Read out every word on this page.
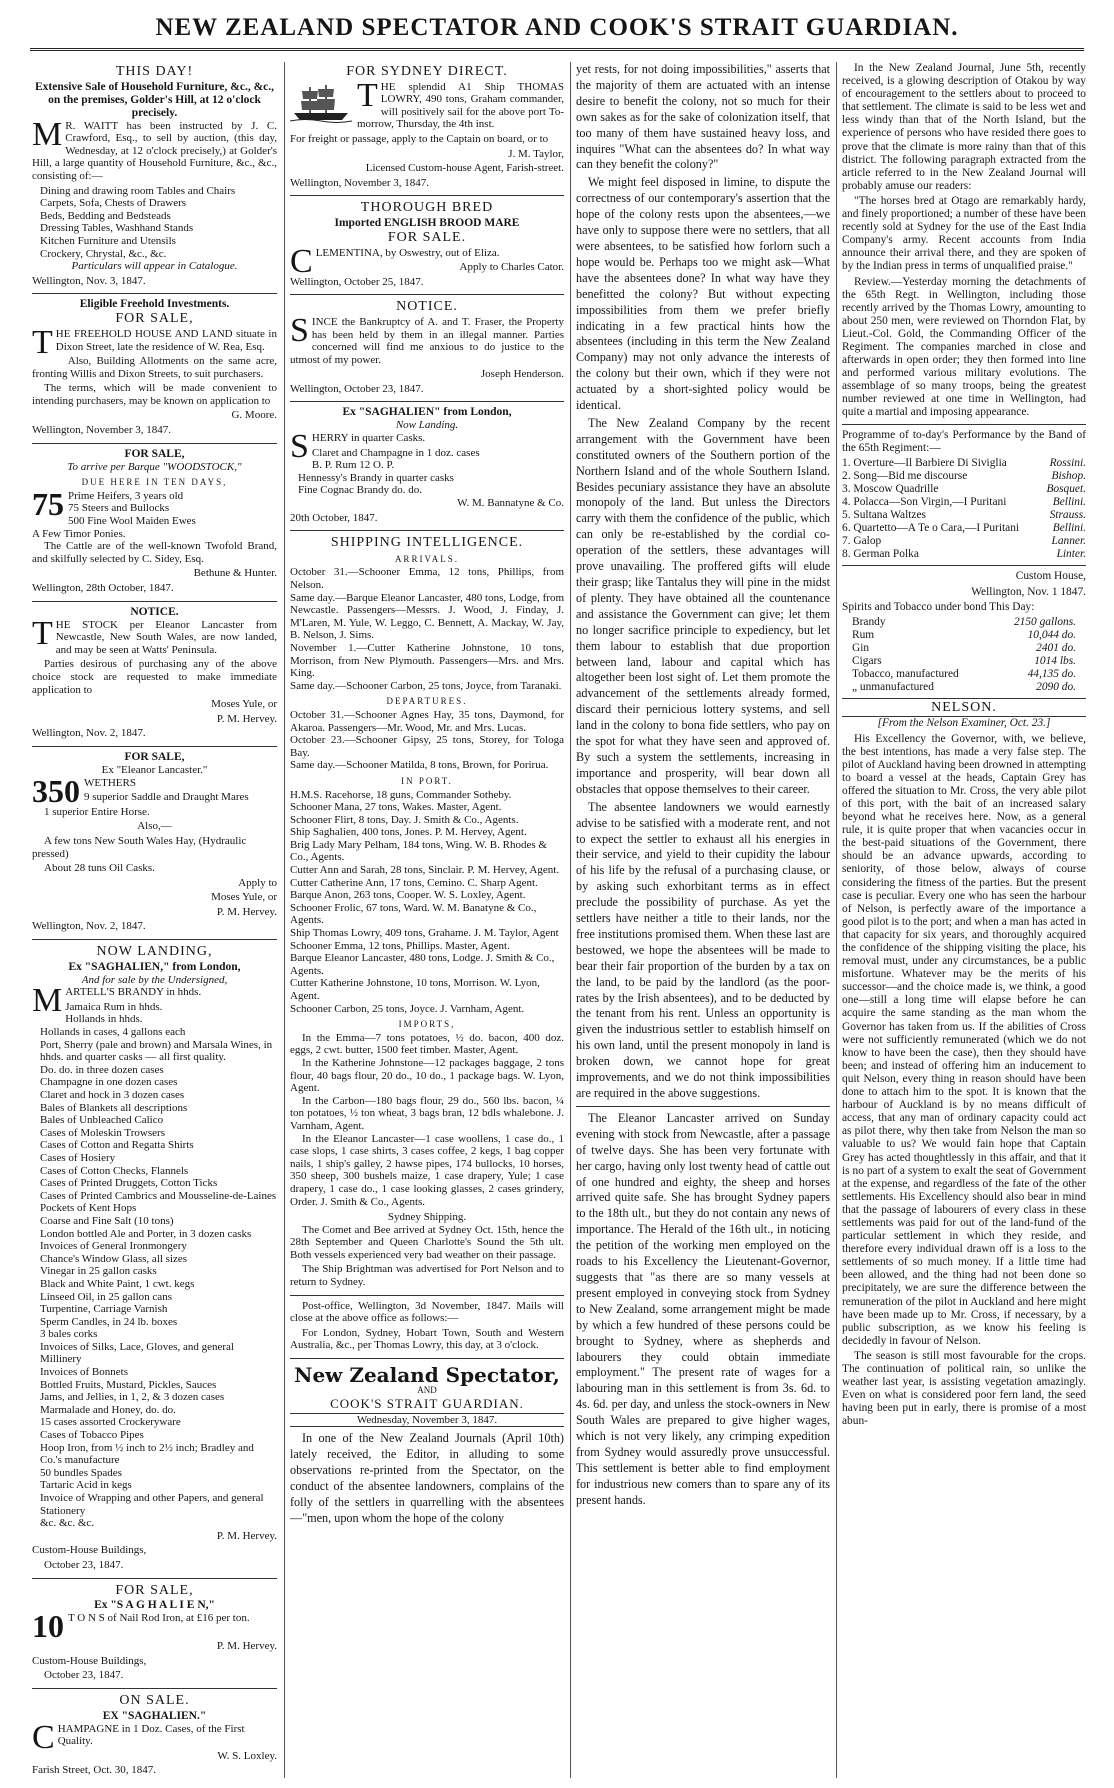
NEW ZEALAND SPECTATOR AND COOK'S STRAIT GUARDIAN.
THIS DAY!
Extensive Sale of Household Furniture, &c., &c., on the premises, Golder's Hill, at 12 o'clock precisely.

M R. WAITT has been instructed by J. C. Crawford, Esq., to sell by auction, (this day, Wednesday, at 12 o'clock precisely,) at Golder's Hill, a large quantity of Household Furniture, &c., &c., consisting of:—

Dining and drawing room Tables and Chairs
Carpets, Sofa, Chests of Drawers
Beds, Bedding and Bedsteads
Dressing Tables, Washhand Stands
Kitchen Furniture and Utensils
Crockery, Chrystal, &c., &c.

Particulars will appear in Catalogue.

Wellington, Nov. 3, 1847.

Eligible Freehold Investments.
FOR SALE,

THE FREEHOLD HOUSE AND LAND situate in Dixon Street, late the residence of W. Rea, Esq.

Also, Building Allotments on the same acre, fronting Willis and Dixon Streets, to suit purchasers.

The terms, which will be made convenient to intending purchasers, may be known on application to

G. Moore.

Wellington, November 3, 1847.

FOR SALE,
To arrive per Barque "WOODSTOCK,"
DUE HERE IN TEN DAYS,
75 Prime Heifers, 3 years old
75 Steers and Bullocks
500 Fine Wool Maiden Ewes
A Few Timor Ponies.

The Cattle are of the well-known Twofold Brand, and skilfully selected by C. Sidey, Esq.

Bethune & Hunter.

Wellington, 28th October, 1847.

NOTICE.

THE STOCK per Eleanor Lancaster from Newcastle, New South Wales, are now landed, and may be seen at Watts' Peninsula.

Parties desirous of purchasing any of the above choice stock are requested to make immediate application to

Moses Yule, or

P. M. Hervey.

Wellington, Nov. 2, 1847.

FOR SALE,
Ex "Eleanor Lancaster."
350 WETHERS

9 superior Saddle and Draught Mares

1 superior Entire Horse.

Also,—

A few tons New South Wales Hay, (Hydraulic pressed)

About 28 tuns Oil Casks.

Apply to

Moses Yule, or

P. M. Hervey.

Wellington, Nov. 2, 1847.

NOW LANDING,
Ex "SAGHALIEN," from London,
And for sale by the Undersigned,

MARTELL'S BRANDY in hhds.

Jamaica Rum in hhds.
Hollands in hhds.
Hollands in cases, 4 gallons each
Port, Sherry (pale and brown) and Marsala Wines, in hhds. and quarter casks — all first quality.
Do. do. in three dozen cases
Champagne in one dozen cases
Claret and hock in 3 dozen cases
Bales of Blankets all descriptions
Bales of Unbleached Calico
Cases of Moleskin Trowsers
Cases of Cotton and Regatta Shirts
Cases of Hosiery
Cases of Cotton Checks, Flannels
Cases of Printed Druggets, Cotton Ticks
Cases of Printed Cambrics and Mousseline-de-Laines
Pockets of Kent Hops
Coarse and Fine Salt (10 tons)
London bottled Ale and Porter, in 3 dozen casks
Invoices of General Ironmongery
Chance's Window Glass, all sizes
Vinegar in 25 gallon casks
Black and White Paint, 1 cwt. kegs
Linseed Oil, in 25 gallon cans
Turpentine, Carriage Varnish
Sperm Candles, in 24 lb. boxes
3 bales corks
Invoices of Silks, Lace, Gloves, and general Millinery
Invoices of Bonnets
Bottled Fruits, Mustard, Pickles, Sauces
Jams, and Jellies, in 1, 2, & 3 dozen cases
Marmalade and Honey, do. do.
15 cases assorted Crockeryware
Cases of Tobacco Pipes
Hoop Iron, from ½ inch to 2½ inch; Bradley and Co.'s manufacture
50 bundles Spades
Tartaric Acid in kegs
Invoice of Wrapping and other Papers, and general Stationery
&c. &c. &c.

P. M. Hervey.

Custom-House Buildings,

October 23, 1847.

FOR SALE,
Ex "S A G H A L I E N,"
10 T O N S of Nail Rod Iron, at £16 per ton.

P. M. Hervey.

Custom-House Buildings,

October 23, 1847.

ON SALE.
EX "SAGHALIEN."

CHAMPAGNE in 1 Doz. Cases, of the First Quality.

W. S. Loxley.

Farish Street, Oct. 30, 1847.

FOR SYDNEY DIRECT.

THE splendid A1 Ship THOMAS LOWRY, 490 tons, Graham commander, will positively sail for the above port To-morrow, Thursday, the 4th inst.

For freight or passage, apply to the Captain on board, or to

J. M. Taylor,

Licensed Custom-house Agent, Farish-street.

Wellington, November 3, 1847.

THOROUGH BRED
Imported ENGLISH BROOD MARE
FOR SALE.

CLEMENTINA, by Oswestry, out of Eliza.

Apply to Charles Cator.

Wellington, October 25, 1847.

NOTICE.

SINCE the Bankruptcy of A. and T. Fraser, the Property has been held by them in an illegal manner. Parties concerned will find me anxious to do justice to the utmost of my power.

Joseph Henderson.

Wellington, October 23, 1847.

Ex "SAGHALIEN" from London,
Now Landing.

SHERRY in quarter Casks.

Claret and Champagne in 1 doz. cases
B. P. Rum 12 O. P.
Hennessy's Brandy in quarter casks
Fine Cognac Brandy do. do.

W. M. Bannatyne & Co.

20th October, 1847.

SHIPPING INTELLIGENCE.
ARRIVALS.
October 31.—Schooner Emma, 12 tons, Phillips, from Nelson.
Same day.—Barque Eleanor Lancaster, 480 tons, Lodge, from Newcastle. Passengers—Messrs. J. Wood, J. Finday, J. M'Laren, M. Yule, W. Leggo, C. Bennett, A. Mackay, W. Jay, B. Nelson, J. Sims.
November 1.—Cutter Katherine Johnstone, 10 tons, Morrison, from New Plymouth. Passengers—Mrs. and Mrs. King.
Same day.—Schooner Carbon, 25 tons, Joyce, from Taranaki.
DEPARTURES.
October 31.—Schooner Agnes Hay, 35 tons, Daymond, for Akaroa. Passengers—Mr. Wood, Mr. and Mrs. Lucas.
October 23.—Schooner Gipsy, 25 tons, Storey, for Tologa Bay.
Same day.—Schooner Matilda, 8 tons, Brown, for Porirua.
IN PORT.
H.M.S. Racehorse, 18 guns, Commander Sotheby.
Schooner Mana, 27 tons, Wakes. Master, Agent.
Schooner Flirt, 8 tons, Day. J. Smith & Co., Agents.
Ship Saghalien, 400 tons, Jones. P. M. Hervey, Agent.
Brig Lady Mary Pelham, 184 tons, Wing. W. B. Rhodes & Co., Agents.
Cutter Ann and Sarah, 28 tons, Sinclair. P. M. Hervey, Agent.
Cutter Catherine Ann, 17 tons, Cemino. C. Sharp Agent.
Barque Anon, 263 tons, Cooper. W. S. Loxley, Agent.
Schooner Frolic, 67 tons, Ward. W. M. Banatyne & Co., Agents.
Ship Thomas Lowry, 409 tons, Grahame. J. M. Taylor, Agent
Schooner Emma, 12 tons, Phillips. Master, Agent.
Barque Eleanor Lancaster, 480 tons, Lodge. J. Smith & Co., Agents.
Cutter Katherine Johnstone, 10 tons, Morrison. W. Lyon, Agent.
Schooner Carbon, 25 tons, Joyce. J. Varnham, Agent.
IMPORTS,
In the Emma—7 tons potatoes, ½ do. bacon, 400 doz. eggs, 2 cwt. butter, 1500 feet timber. Master, Agent.
In the Katherine Johnstone—12 packages baggage, 2 tons flour, 40 bags flour, 20 do., 10 do., 1 package bags. W. Lyon, Agent.
In the Carbon—180 bags flour, 29 do., 560 lbs. bacon, ¼ ton potatoes, ½ ton wheat, 3 bags bran, 12 bdls whalebone. J. Varnham, Agent.
In the Eleanor Lancaster—1 case woollens, 1 case do., 1 case slops, 1 case shirts, 3 cases coffee, 2 kegs, 1 bag copper nails, 1 ship's galley, 2 hawse pipes, 174 bullocks, 10 horses, 350 sheep, 300 bushels maize, 1 case drapery, Yule; 1 case drapery, 1 case do., 1 case looking glasses, 2 cases grindery, Order. J. Smith & Co., Agents.
Sydney Shipping.

The Comet and Bee arrived at Sydney Oct. 15th, hence the 28th September and Queen Charlotte's Sound the 5th ult. Both vessels experienced very bad weather on their passage.

The Ship Brightman was advertised for Port Nelson and to return to Sydney.

Post-office, Wellington, 3d November, 1847. Mails will close at the above office as follows:—

For London, Sydney, Hobart Town, South and Western Australia, &c., per Thomas Lowry, this day, at 3 o'clock.

New Zealand Spectator,
AND
COOK'S STRAIT GUARDIAN.
Wednesday, November 3, 1847.

In one of the New Zealand Journals (April 10th) lately received, the Editor, in alluding to some observations re-printed from the Spectator, on the conduct of the absentee landowners, complains of the folly of the settlers in quarrelling with the absentees—"men, upon whom the hope of the colony

yet rests, for not doing impossibilities," asserts that the majority of them are actuated with an intense desire to benefit the colony, not so much for their own sakes as for the sake of colonization itself, that too many of them have sustained heavy loss, and inquires "What can the absentees do? In what way can they benefit the colony?"

We might feel disposed in limine, to dispute the correctness of our contemporary's assertion that the hope of the colony rests upon the absentees,—we have only to suppose there were no settlers, that all were absentees, to be satisfied how forlorn such a hope would be. Perhaps too we might ask—What have the absentees done? In what way have they benefitted the colony? But without expecting impossibilities from them we prefer briefly indicating in a few practical hints how the absentees (including in this term the New Zealand Company) may not only advance the interests of the colony but their own, which if they were not actuated by a short-sighted policy would be identical.

The New Zealand Company by the recent arrangement with the Government have been constituted owners of the Southern portion of the Northern Island and of the whole Southern Island. Besides pecuniary assistance they have an absolute monopoly of the land. But unless the Directors carry with them the confidence of the public, which can only be re-established by the cordial co-operation of the settlers, these advantages will prove unavailing. The proffered gifts will elude their grasp; like Tantalus they will pine in the midst of plenty. They have obtained all the countenance and assistance the Government can give; let them no longer sacrifice principle to expediency, but let them labour to establish that due proportion between land, labour and capital which has altogether been lost sight of. Let them promote the advancement of the settlements already formed, discard their pernicious lottery systems, and sell land in the colony to bona fide settlers, who pay on the spot for what they have seen and approved of. By such a system the settlements, increasing in importance and prosperity, will bear down all obstacles that oppose themselves to their career.

The absentee landowners we would earnestly advise to be satisfied with a moderate rent, and not to expect the settler to exhaust all his energies in their service, and yield to their cupidity the labour of his life by the refusal of a purchasing clause, or by asking such exhorbitant terms as in effect preclude the possibility of purchase. As yet the settlers have neither a title to their lands, nor the free institutions promised them. When these last are bestowed, we hope the absentees will be made to bear their fair proportion of the burden by a tax on the land, to be paid by the landlord (as the poor-rates by the Irish absentees), and to be deducted by the tenant from his rent. Unless an opportunity is given the industrious settler to establish himself on his own land, until the present monopoly in land is broken down, we cannot hope for great improvements, and we do not think impossibilities are required in the above suggestions.

The Eleanor Lancaster arrived on Sunday evening with stock from Newcastle, after a passage of twelve days. She has been very fortunate with her cargo, having only lost twenty head of cattle out of one hundred and eighty, the sheep and horses arrived quite safe. She has brought Sydney papers to the 18th ult., but they do not contain any news of importance. The Herald of the 16th ult., in noticing the petition of the working men employed on the roads to his Excellency the Lieutenant-Governor, suggests that "as there are so many vessels at present employed in conveying stock from Sydney to New Zealand, some arrangement might be made by which a few hundred of these persons could be brought to Sydney, where as shepherds and labourers they could obtain immediate employment." The present rate of wages for a labouring man in this settlement is from 3s. 6d. to 4s. 6d. per day, and unless the stock-owners in New South Wales are prepared to give higher wages, which is not very likely, any crimping expedition from Sydney would assuredly prove unsuccessful. This settlement is better able to find employment for industrious new comers than to spare any of its present hands.

In the New Zealand Journal, June 5th, recently received, is a glowing description of Otakou by way of encouragement to the settlers about to proceed to that settlement. The climate is said to be less wet and less windy than that of the North Island, but the experience of persons who have resided there goes to prove that the climate is more rainy than that of this district. The following paragraph extracted from the article referred to in the New Zealand Journal will probably amuse our readers:

"The horses bred at Otago are remarkably hardy, and finely proportioned; a number of these have been recently sold at Sydney for the use of the East India Company's army. Recent accounts from India announce their arrival there, and they are spoken of by the Indian press in terms of unqualified praise."

Review.—Yesterday morning the detachments of the 65th Regt. in Wellington, including those recently arrived by the Thomas Lowry, amounting to about 250 men, were reviewed on Thorndon Flat, by Lieut.-Col. Gold, the Commanding Officer of the Regiment. The companies marched in close and afterwards in open order; they then formed into line and performed various military evolutions. The assemblage of so many troops, being the greatest number reviewed at one time in Wellington, had quite a martial and imposing appearance.

Programme of to-day's Performance by the Band of the 65th Regiment:—

1. Overture—Il Barbiere Di Siviglia	Rossini.
2. Song—Bid me discourse	Bishop.
3. Moscow Quadrille	Bosquet.
4. Polacca—Son Virgin,—I Puritani	Bellini.
5. Sultana Waltzes	Strauss.
6. Quartetto—A Te o Cara,—I Puritani	Bellini.
7. Galop	Lanner.
8. German Polka	Linter.

Custom House,

Wellington, Nov. 1 1847.

Spirits and Tobacco under bond This Day:

Brandy	2150 gallons.
Rum	10,044 do.
Gin	2401 do.
Cigars	1014 lbs.
Tobacco, manufactured	44,135 do.
„ unmanufactured	2090 do.
NELSON.

[From the Nelson Examiner, Oct. 23.]

His Excellency the Governor, with, we believe, the best intentions, has made a very false step. The pilot of Auckland having been drowned in attempting to board a vessel at the heads, Captain Grey has offered the situation to Mr. Cross, the very able pilot of this port, with the bait of an increased salary beyond what he receives here. Now, as a general rule, it is quite proper that when vacancies occur in the best-paid situations of the Government, there should be an advance upwards, according to seniority, of those below, always of course considering the fitness of the parties. But the present case is peculiar. Every one who has seen the harbour of Nelson, is perfectly aware of the importance a good pilot is to the port; and when a man has acted in that capacity for six years, and thoroughly acquired the confidence of the shipping visiting the place, his removal must, under any circumstances, be a public misfortune. Whatever may be the merits of his successor—and the choice made is, we think, a good one—still a long time will elapse before he can acquire the same standing as the man whom the Governor has taken from us. If the abilities of Cross were not sufficiently remunerated (which we do not know to have been the case), then they should have been; and instead of offering him an inducement to quit Nelson, every thing in reason should have been done to attach him to the spot. It is known that the harbour of Auckland is by no means difficult of access, that any man of ordinary capacity could act as pilot there, why then take from Nelson the man so valuable to us? We would fain hope that Captain Grey has acted thoughtlessly in this affair, and that it is no part of a system to exalt the seat of Government at the expense, and regardless of the fate of the other settlements. His Excellency should also bear in mind that the passage of labourers of every class in these settlements was paid for out of the land-fund of the particular settlement in which they reside, and therefore every individual drawn off is a loss to the settlements of so much money. If a little time had been allowed, and the thing had not been done so precipitately, we are sure the difference between the remuneration of the pilot in Auckland and here might have been made up to Mr. Cross, if necessary, by a public subscription, as we know his feeling is decidedly in favour of Nelson.

The season is still most favourable for the crops. The continuation of political rain, so unlike the weather last year, is assisting vegetation amazingly. Even on what is considered poor fern land, the seed having been put in early, there is promise of a most abun-
